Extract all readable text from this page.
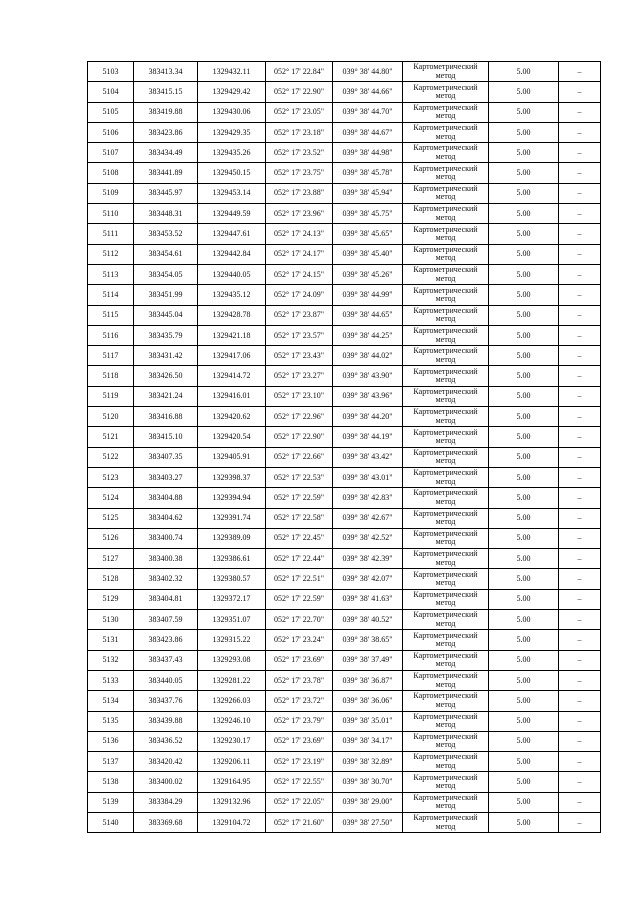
5103	383413.34	1329432.11	052° 17' 22.84"	039° 38' 44.80"	Картометрический метод	5.00	–
5104	383415.15	1329429.42	052° 17' 22.90"	039° 38' 44.66"	Картометрический метод	5.00	–
5105	383419.88	1329430.06	052° 17' 23.05"	039° 38' 44.70"	Картометрический метод	5.00	–
5106	383423.86	1329429.35	052° 17' 23.18"	039° 38' 44.67"	Картометрический метод	5.00	–
5107	383434.49	1329435.26	052° 17' 23.52"	039° 38' 44.98"	Картометрический метод	5.00	–
5108	383441.89	1329450.15	052° 17' 23.75"	039° 38' 45.78"	Картометрический метод	5.00	–
5109	383445.97	1329453.14	052° 17' 23.88"	039° 38' 45.94"	Картометрический метод	5.00	–
5110	383448.31	1329449.59	052° 17' 23.96"	039° 38' 45.75"	Картометрический метод	5.00	–
5111	383453.52	1329447.61	052° 17' 24.13"	039° 38' 45.65"	Картометрический метод	5.00	–
5112	383454.61	1329442.84	052° 17' 24.17"	039° 38' 45.40"	Картометрический метод	5.00	–
5113	383454.05	1329440.05	052° 17' 24.15"	039° 38' 45.26"	Картометрический метод	5.00	–
5114	383451.99	1329435.12	052° 17' 24.09"	039° 38' 44.99"	Картометрический метод	5.00	–
5115	383445.04	1329428.78	052° 17' 23.87"	039° 38' 44.65"	Картометрический метод	5.00	–
5116	383435.79	1329421.18	052° 17' 23.57"	039° 38' 44.25"	Картометрический метод	5.00	–
5117	383431.42	1329417.06	052° 17' 23.43"	039° 38' 44.02"	Картометрический метод	5.00	–
5118	383426.50	1329414.72	052° 17' 23.27"	039° 38' 43.90"	Картометрический метод	5.00	–
5119	383421.24	1329416.01	052° 17' 23.10"	039° 38' 43.96"	Картометрический метод	5.00	–
5120	383416.88	1329420.62	052° 17' 22.96"	039° 38' 44.20"	Картометрический метод	5.00	–
5121	383415.10	1329420.54	052° 17' 22.90"	039° 38' 44.19"	Картометрический метод	5.00	–
5122	383407.35	1329405.91	052° 17' 22.66"	039° 38' 43.42"	Картометрический метод	5.00	–
5123	383403.27	1329398.37	052° 17' 22.53"	039° 38' 43.01"	Картометрический метод	5.00	–
5124	383404.88	1329394.94	052° 17' 22.59"	039° 38' 42.83"	Картометрический метод	5.00	–
5125	383404.62	1329391.74	052° 17' 22.58"	039° 38' 42.67"	Картометрический метод	5.00	–
5126	383400.74	1329389.09	052° 17' 22.45"	039° 38' 42.52"	Картометрический метод	5.00	–
5127	383400.38	1329386.61	052° 17' 22.44"	039° 38' 42.39"	Картометрический метод	5.00	–
5128	383402.32	1329380.57	052° 17' 22.51"	039° 38' 42.07"	Картометрический метод	5.00	–
5129	383404.81	1329372.17	052° 17' 22.59"	039° 38' 41.63"	Картометрический метод	5.00	–
5130	383407.59	1329351.07	052° 17' 22.70"	039° 38' 40.52"	Картометрический метод	5.00	–
5131	383423.86	1329315.22	052° 17' 23.24"	039° 38' 38.65"	Картометрический метод	5.00	–
5132	383437.43	1329293.08	052° 17' 23.69"	039° 38' 37.49"	Картометрический метод	5.00	–
5133	383440.05	1329281.22	052° 17' 23.78"	039° 38' 36.87"	Картометрический метод	5.00	–
5134	383437.76	1329266.03	052° 17' 23.72"	039° 38' 36.06"	Картометрический метод	5.00	–
5135	383439.88	1329246.10	052° 17' 23.79"	039° 38' 35.01"	Картометрический метод	5.00	–
5136	383436.52	1329230.17	052° 17' 23.69"	039° 38' 34.17"	Картометрический метод	5.00	–
5137	383420.42	1329206.11	052° 17' 23.19"	039° 38' 32.89"	Картометрический метод	5.00	–
5138	383400.02	1329164.95	052° 17' 22.55"	039° 38' 30.70"	Картометрический метод	5.00	–
5139	383384.29	1329132.96	052° 17' 22.05"	039° 38' 29.00"	Картометрический метод	5.00	–
5140	383369.68	1329104.72	052° 17' 21.60"	039° 38' 27.50"	Картометрический метод	5.00	–
